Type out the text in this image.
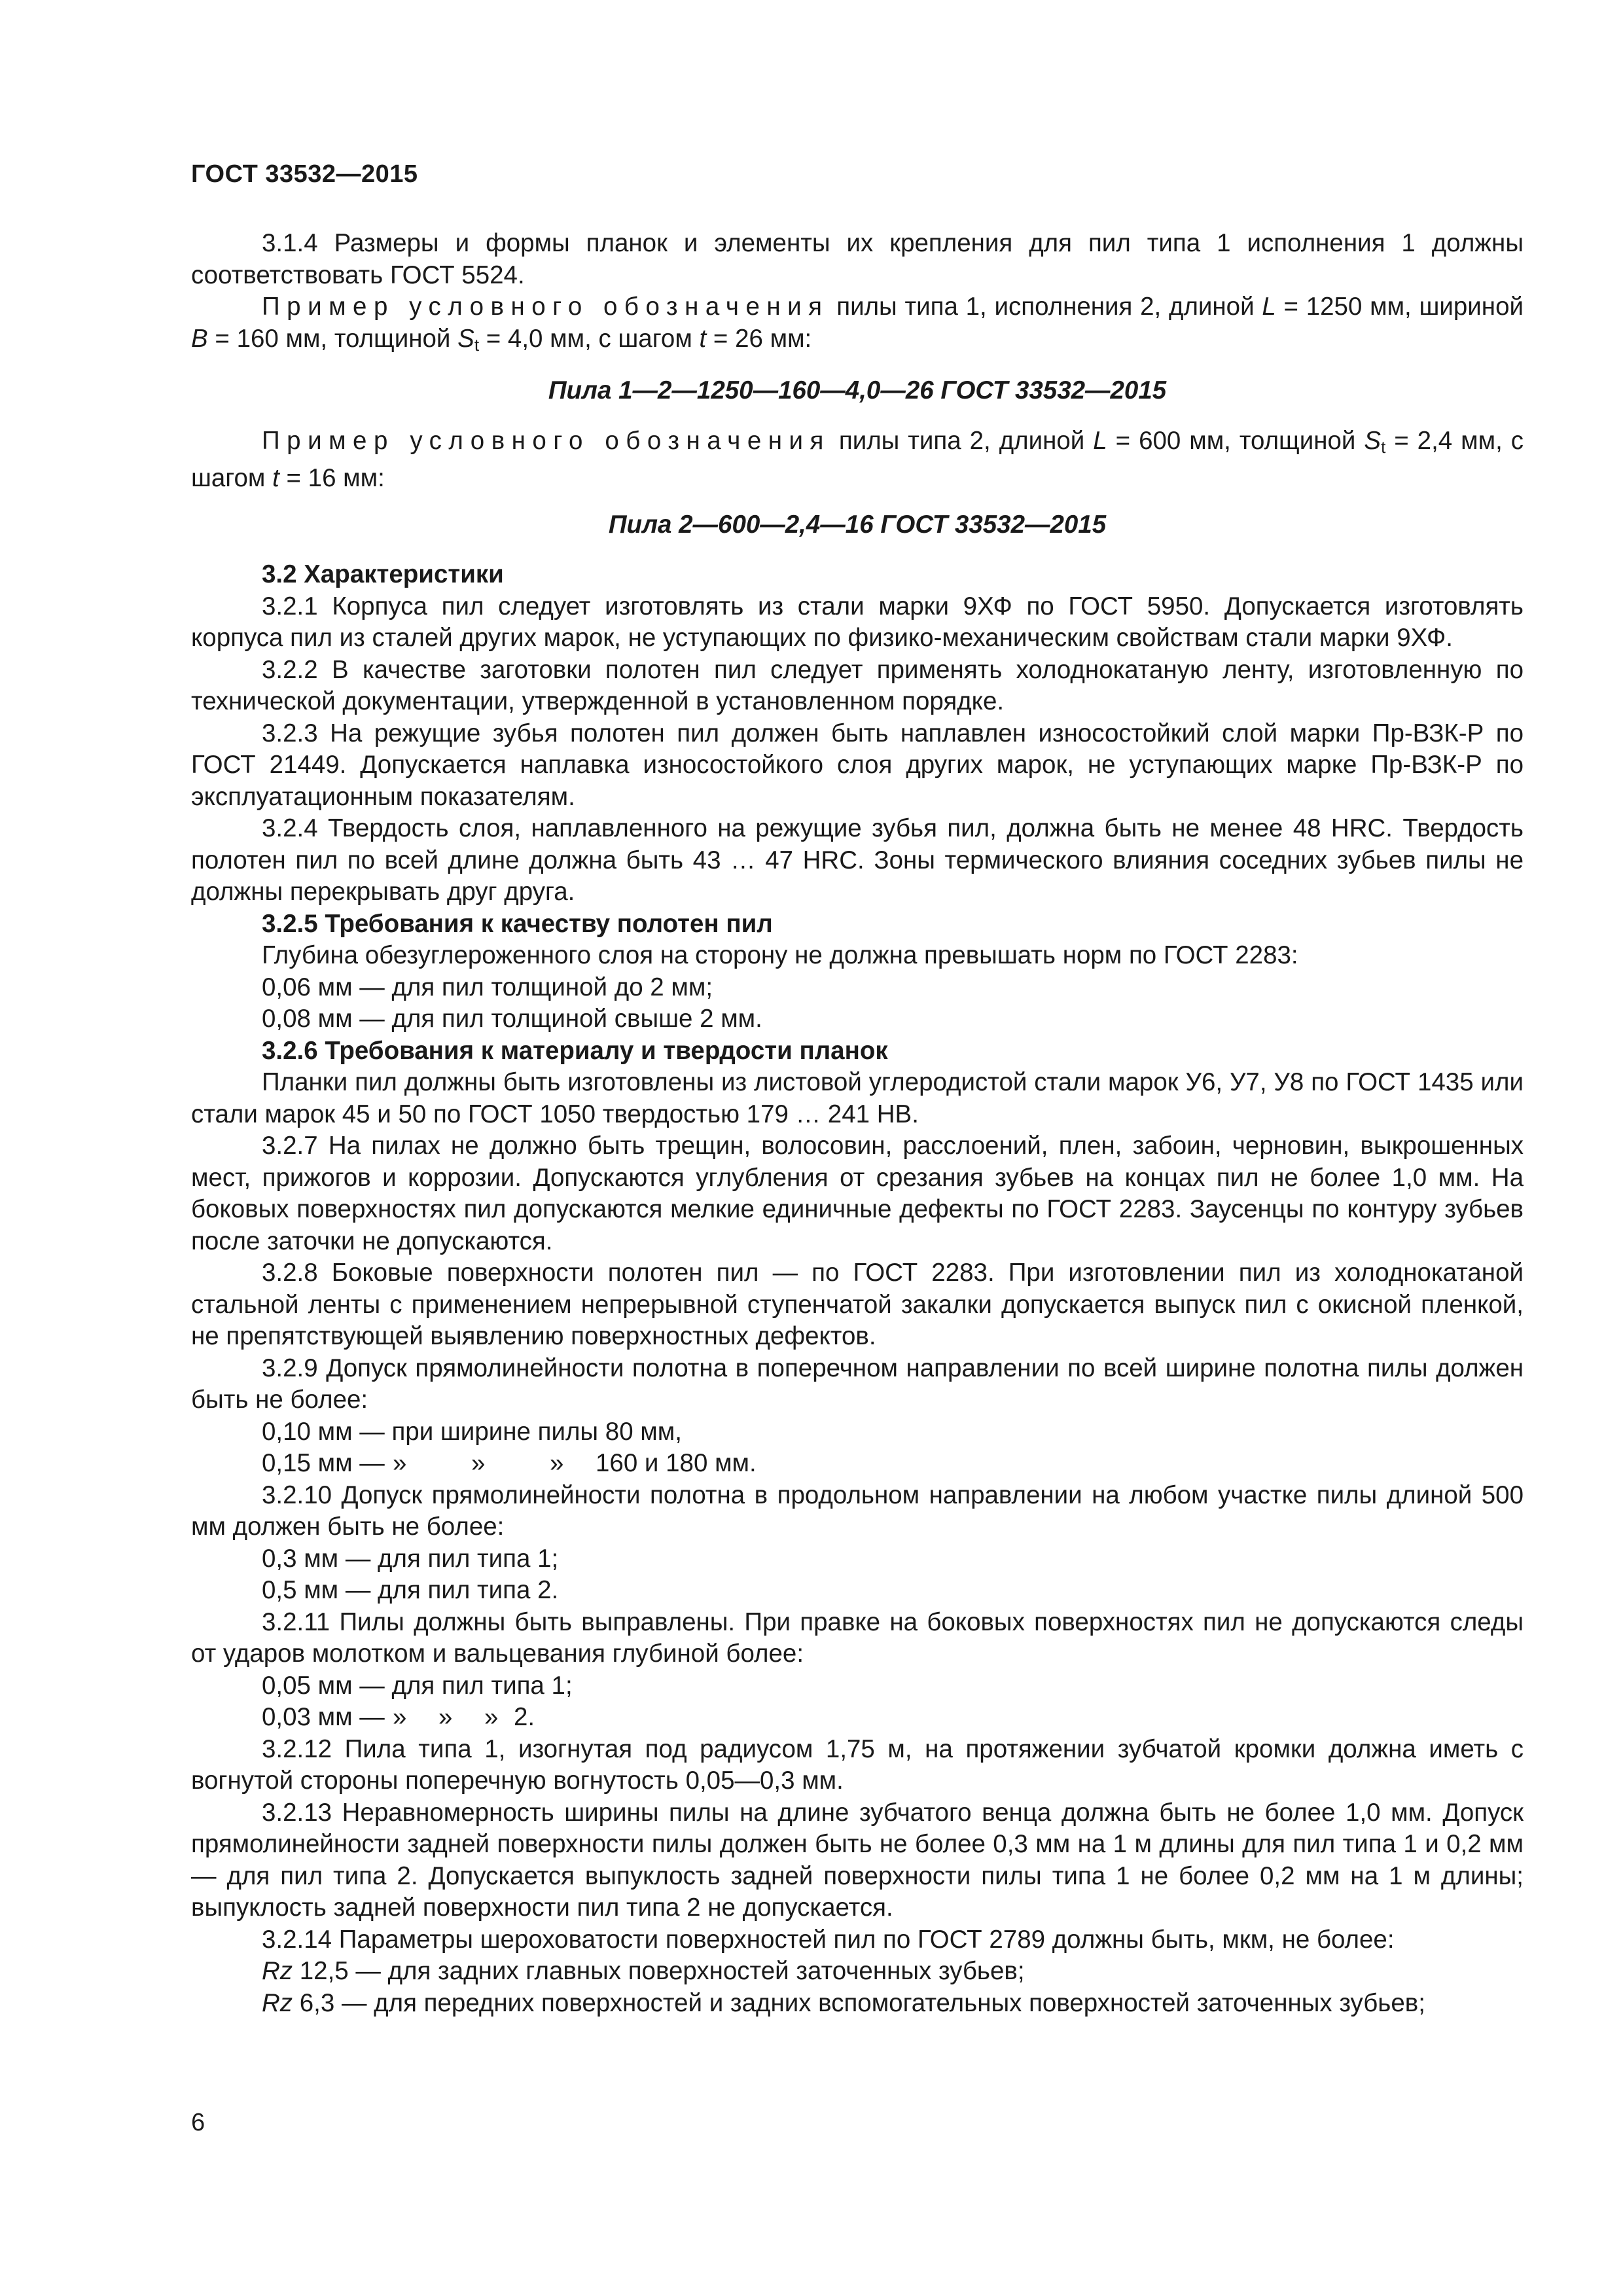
ГОСТ 33532—2015

3.1.4 Размеры и формы планок и элементы их крепления для пил типа 1 исполнения 1 должны соответствовать ГОСТ 5524.

Пример условного обозначения пилы типа 1, исполнения 2, длиной L = 1250 мм, шириной B = 160 мм, толщиной $S_t = 4,0$ мм, с шагом t = 26 мм:

Пила 1—2—1250—160—4,0—26 ГОСТ 33532—2015

Пример условного обозначения пилы типа 2, длиной L = 600 мм, толщиной $S_t = 2,4$ мм, с шагом t = 16 мм:

Пила 2—600—2,4—16 ГОСТ 33532—2015

3.2 Характеристики

3.2.1 Корпуса пил следует изготовлять из стали марки 9ХФ по ГОСТ 5950. Допускается изготовлять корпуса пил из сталей других марок, не уступающих по физико-механическим свойствам стали марки 9ХФ.

3.2.2 В качестве заготовки полотен пил следует применять холоднокатаную ленту, изготовленную по технической документации, утвержденной в установленном порядке.

3.2.3 На режущие зубья полотен пил должен быть наплавлен износостойкий слой марки Пр-ВЗК-Р по ГОСТ 21449. Допускается наплавка износостойкого слоя других марок, не уступающих марке Пр-ВЗК-Р по эксплуатационным показателям.

3.2.4 Твердость слоя, наплавленного на режущие зубья пил, должна быть не менее 48 HRC. Твердость полотен пил по всей длине должна быть 43 … 47 HRC. Зоны термического влияния соседних зубьев пилы не должны перекрывать друг друга.

3.2.5 Требования к качеству полотен пил

Глубина обезуглероженного слоя на сторону не должна превышать норм по ГОСТ 2283:

0,06 мм — для пил толщиной до 2 мм;

0,08 мм — для пил толщиной свыше 2 мм.

3.2.6 Требования к материалу и твердости планок

Планки пил должны быть изготовлены из листовой углеродистой стали марок У6, У7, У8 по ГОСТ 1435 или стали марок 45 и 50 по ГОСТ 1050 твердостью 179 … 241 НВ.

3.2.7 На пилах не должно быть трещин, волосовин, расслоений, плен, забоин, черновин, выкрошенных мест, прижогов и коррозии. Допускаются углубления от срезания зубьев на концах пил не более 1,0 мм. На боковых поверхностях пил допускаются мелкие единичные дефекты по ГОСТ 2283. Заусенцы по контуру зубьев после заточки не допускаются.

3.2.8 Боковые поверхности полотен пил — по ГОСТ 2283. При изготовлении пил из холоднокатаной стальной ленты с применением непрерывной ступенчатой закалки допускается выпуск пил с окисной пленкой, не препятствующей выявлению поверхностных дефектов.

3.2.9 Допуск прямолинейности полотна в поперечном направлении по всей ширине полотна пилы должен быть не более:

0,10 мм — при ширине пилы 80 мм,

0,15 мм — »	»	» 160 и 180 мм.

3.2.10 Допуск прямолинейности полотна в продольном направлении на любом участке пилы длиной 500 мм должен быть не более:

0,3 мм — для пил типа 1;

0,5 мм — для пил типа 2.

3.2.11 Пилы должны быть выправлены. При правке на боковых поверхностях пил не допускаются следы от ударов молотком и вальцевания глубиной более:

0,05 мм — для пил типа 1;

0,03 мм — » » » 2.

3.2.12 Пила типа 1, изогнутая под радиусом 1,75 м, на протяжении зубчатой кромки должна иметь с вогнутой стороны поперечную вогнутость 0,05—0,3 мм.

3.2.13 Неравномерность ширины пилы на длине зубчатого венца должна быть не более 1,0 мм. Допуск прямолинейности задней поверхности пилы должен быть не более 0,3 мм на 1 м длины для пил типа 1 и 0,2 мм — для пил типа 2. Допускается выпуклость задней поверхности пилы типа 1 не более 0,2 мм на 1 м длины; выпуклость задней поверхности пил типа 2 не допускается.

3.2.14 Параметры шероховатости поверхностей пил по ГОСТ 2789 должны быть, мкм, не более:

Rz 12,5 — для задних главных поверхностей заточенных зубьев;

Rz 6,3 — для передних поверхностей и задних вспомогательных поверхностей заточенных зубьев;

6
